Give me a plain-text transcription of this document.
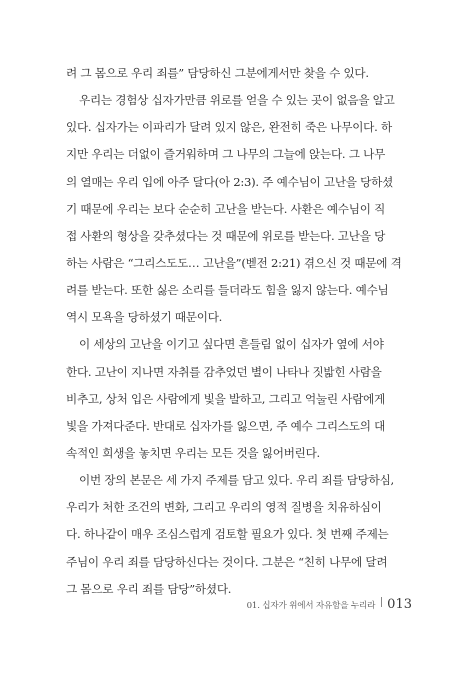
려 그 몸으로 우리 죄를” 담당하신 그분에게서만 찾을 수 있다.
우리는 경험상 십자가만큼 위로를 얻을 수 있는 곳이 없음을 알고
있다. 십자가는 이파리가 달려 있지 않은, 완전히 죽은 나무이다. 하
지만 우리는 더없이 즐거워하며 그 나무의 그늘에 앉는다. 그 나무
의 열매는 우리 입에 아주 달다(아 2:3). 주 예수님이 고난을 당하셨
기 때문에 우리는 보다 순순히 고난을 받는다. 사환은 예수님이 직
접 사환의 형상을 갖추셨다는 것 때문에 위로를 받는다. 고난을 당
하는 사람은 “그리스도도… 고난을”(벧전 2:21) 겪으신 것 때문에 격
려를 받는다. 또한 싫은 소리를 들더라도 힘을 잃지 않는다. 예수님
역시 모욕을 당하셨기 때문이다.
이 세상의 고난을 이기고 싶다면 흔들림 없이 십자가 옆에 서야
한다. 고난이 지나면 자취를 감추었던 별이 나타나 짓밟힌 사람을
비추고, 상처 입은 사람에게 빛을 발하고, 그리고 억눌린 사람에게
빛을 가져다준다. 반대로 십자가를 잃으면, 주 예수 그리스도의 대
속적인 희생을 놓치면 우리는 모든 것을 잃어버린다.
이번 장의 본문은 세 가지 주제를 담고 있다. 우리 죄를 담당하심,
우리가 처한 조건의 변화, 그리고 우리의 영적 질병을 치유하심이
다. 하나같이 매우 조심스럽게 검토할 필요가 있다. 첫 번째 주제는
주님이 우리 죄를 담당하신다는 것이다. 그분은 “친히 나무에 달려
그 몸으로 우리 죄를 담당”하셨다.
01. 십자가 위에서 자유함을 누리라 013
